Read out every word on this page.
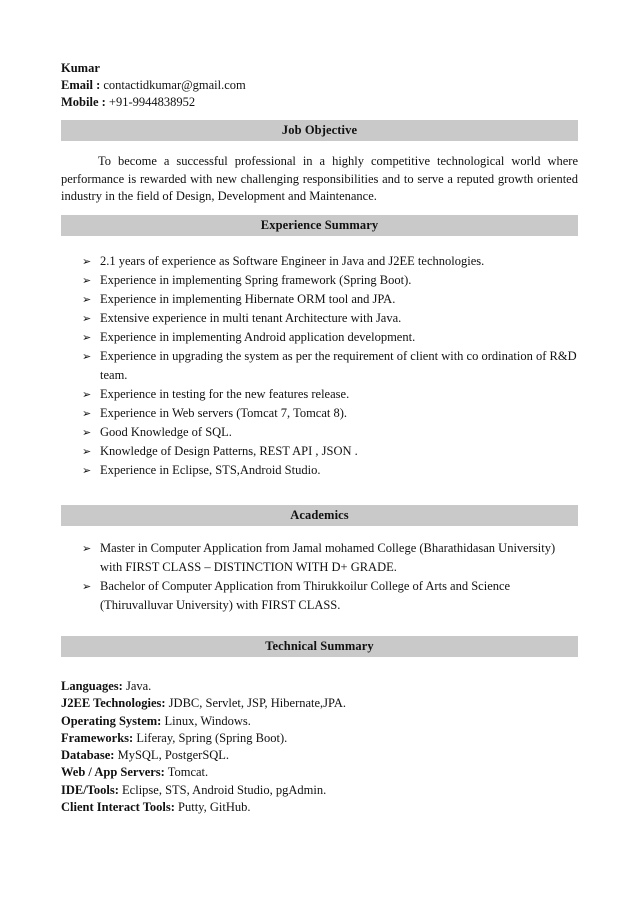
Kumar
Email : contactidkumar@gmail.com
Mobile : +91-9944838952
Job Objective
To become a successful professional in a highly competitive technological world where performance is rewarded with new challenging responsibilities and to serve a reputed growth oriented industry in the field of Design, Development and Maintenance.
Experience Summary
➢ 2.1 years of experience as Software Engineer in Java and J2EE technologies.
➢ Experience in implementing Spring framework (Spring Boot).
➢ Experience in implementing Hibernate ORM tool and JPA.
➢ Extensive experience in multi tenant Architecture with Java.
➢ Experience in implementing Android application development.
➢ Experience in upgrading the system as per the requirement of client with co ordination of R&D team.
➢ Experience in testing for the new features release.
➢ Experience in Web servers (Tomcat 7, Tomcat 8).
➢ Good Knowledge of SQL.
➢ Knowledge of Design Patterns, REST API , JSON .
➢ Experience in Eclipse, STS,Android Studio.
Academics
➢ Master in Computer Application from Jamal mohamed College (Bharathidasan University) with FIRST CLASS – DISTINCTION WITH D+ GRADE.
➢ Bachelor of Computer Application from Thirukkoilur College of Arts and Science (Thiruvalluvar University) with FIRST CLASS.
Technical Summary
Languages: Java.
J2EE Technologies: JDBC, Servlet, JSP, Hibernate,JPA.
Operating System: Linux, Windows.
Frameworks: Liferay, Spring (Spring Boot).
Database: MySQL, PostgerSQL.
Web / App Servers: Tomcat.
IDE/Tools: Eclipse, STS, Android Studio, pgAdmin.
Client Interact Tools: Putty, GitHub.
